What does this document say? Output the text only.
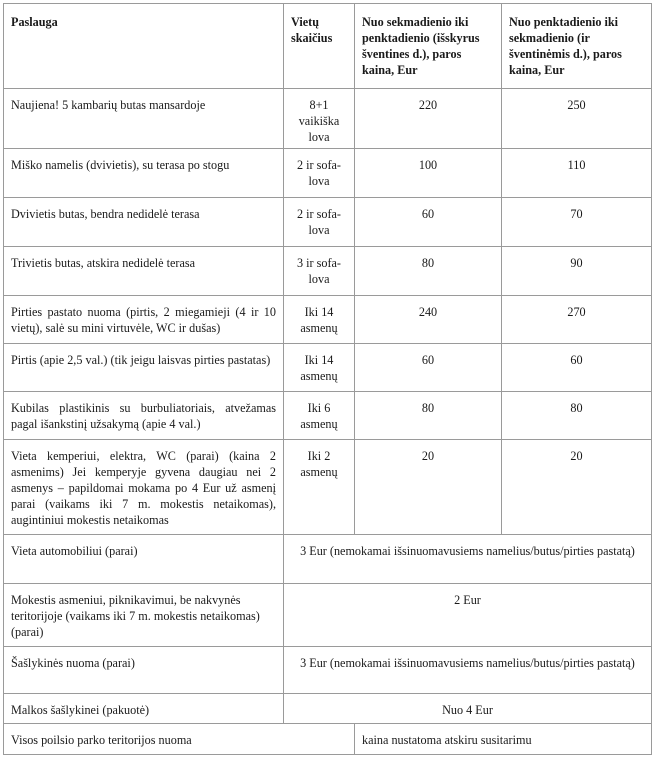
Paslauga	Vietų skaičius	Nuo sekmadienio iki penktadienio (išskyrus šventines d.), paros kaina, Eur	Nuo penktadienio iki sekmadienio (ir šventinėmis d.), paros kaina, Eur
Naujiena! 5 kambarių butas mansardoje	8+1 vaikiška lova	220	250
Miško namelis (dvivietis), su terasa po stogu	2 ir sofa-lova	100	110
Dvivietis butas, bendra nedidelė terasa	2 ir sofa-lova	60	70
Trivietis butas, atskira nedidelė terasa	3 ir sofa-lova	80	90
Pirties pastato nuoma (pirtis, 2 miegamieji (4 ir 10 vietų), salė su mini virtuvėle, WC ir dušas)	Iki 14 asmenų	240	270
Pirtis (apie 2,5 val.) (tik jeigu laisvas pirties pastatas)	Iki 14 asmenų	60	60
Kubilas plastikinis su burbuliatoriais, atvežamas pagal išankstinį užsakymą (apie 4 val.)	Iki 6 asmenų	80	80
Vieta kemperiui, elektra, WC (parai) (kaina 2 asmenims) Jei kemperyje gyvena daugiau nei 2 asmenys – papildomai mokama po 4 Eur už asmenį parai (vaikams iki 7 m. mokestis netaikomas), augintiniui mokestis netaikomas	Iki 2 asmenų	20	20
Vieta automobiliui (parai)	3 Eur (nemokamai išsinuomavusiems namelius/butus/pirties pastatą)		
Mokestis asmeniui, piknikavimui, be nakvynės teritorijoje (vaikams iki 7 m. mokestis netaikomas) (parai)	2 Eur		
Šašlykinės nuoma (parai)	3 Eur (nemokamai išsinuomavusiems namelius/butus/pirties pastatą)		
Malkos šašlykinei (pakuotė)	Nuo 4 Eur		
Visos poilsio parko teritorijos nuoma		kaina nustatoma atskiru susitarimu	
